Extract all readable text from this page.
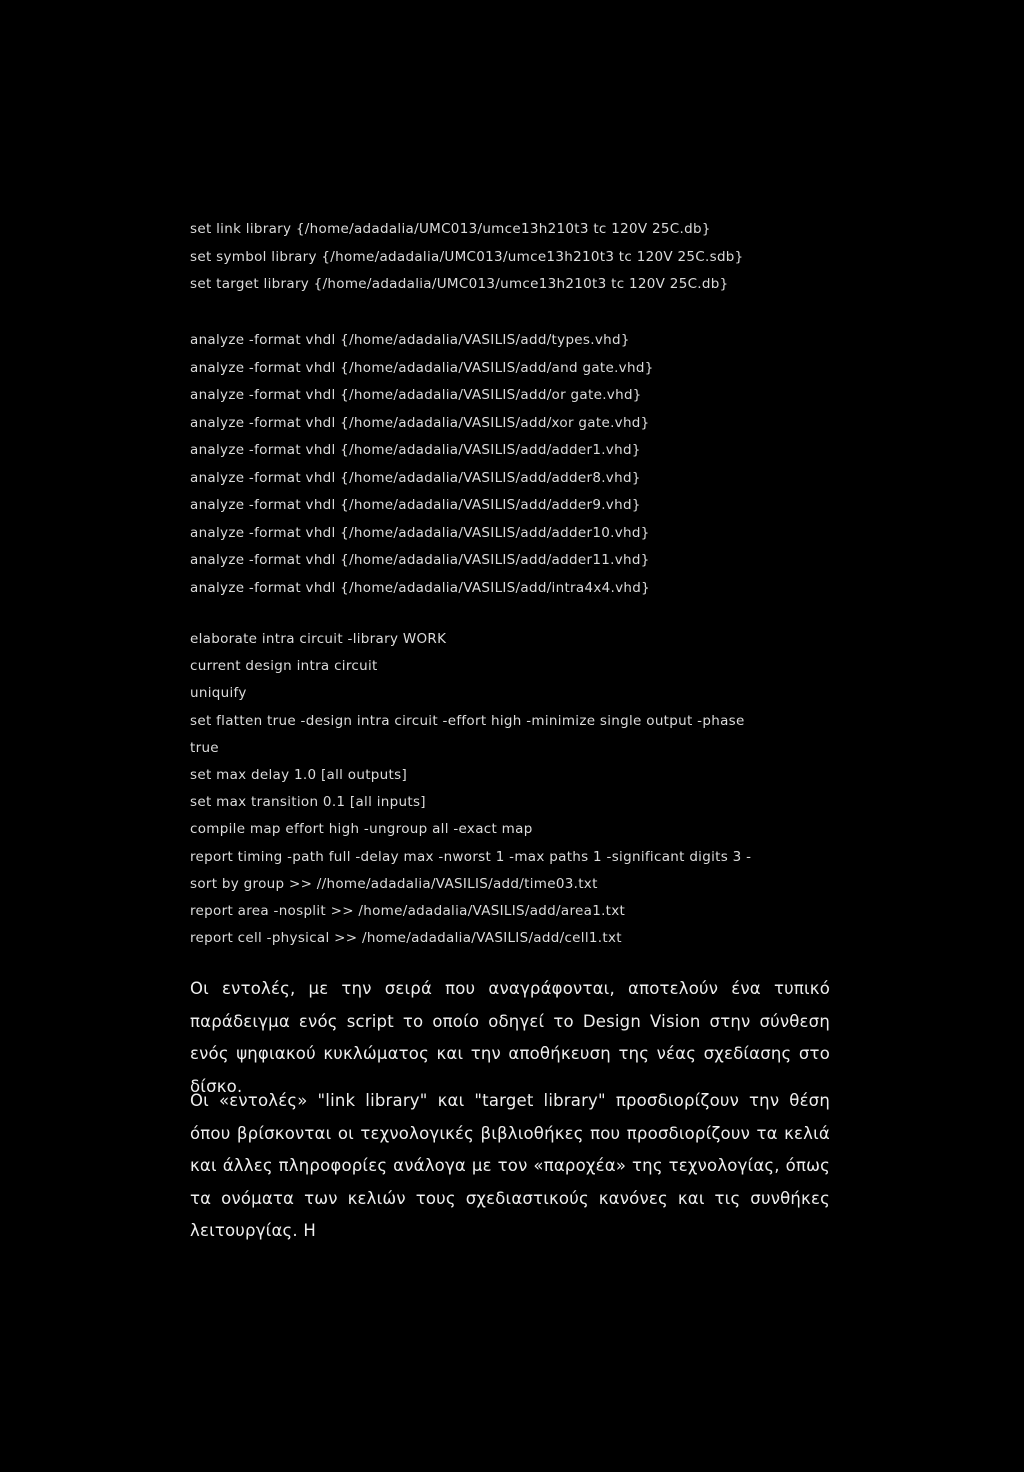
set link library {/home/adadalia/UMC013/umce13h210t3 tc 120V 25C.db}
set symbol library {/home/adadalia/UMC013/umce13h210t3 tc 120V 25C.sdb}
set target library {/home/adadalia/UMC013/umce13h210t3 tc 120V 25C.db}
analyze -format vhdl {/home/adadalia/VASILIS/add/types.vhd}
analyze -format vhdl {/home/adadalia/VASILIS/add/and gate.vhd}
analyze -format vhdl {/home/adadalia/VASILIS/add/or gate.vhd}
analyze -format vhdl {/home/adadalia/VASILIS/add/xor gate.vhd}
analyze -format vhdl {/home/adadalia/VASILIS/add/adder1.vhd}
analyze -format vhdl {/home/adadalia/VASILIS/add/adder8.vhd}
analyze -format vhdl {/home/adadalia/VASILIS/add/adder9.vhd}
analyze -format vhdl {/home/adadalia/VASILIS/add/adder10.vhd}
analyze -format vhdl {/home/adadalia/VASILIS/add/adder11.vhd}
analyze -format vhdl {/home/adadalia/VASILIS/add/intra4x4.vhd}
elaborate intra circuit -library WORK
current design intra circuit
uniquify
set flatten true -design intra circuit -effort high -minimize single output -phase
true
set max delay 1.0 [all outputs]
set max transition 0.1 [all inputs]
compile map effort high -ungroup all -exact map
report timing -path full -delay max -nworst 1 -max paths 1 -significant digits 3 -
sort by group >> //home/adadalia/VASILIS/add/time03.txt
report area -nosplit >> /home/adadalia/VASILIS/add/area1.txt
report cell -physical >> /home/adadalia/VASILIS/add/cell1.txt

Οι εντολές, με την σειρά που αναγράφονται, αποτελούν ένα τυπικό παράδειγμα ενός script το οποίο οδηγεί το Design Vision στην σύνθεση ενός ψηφιακού κυκλώματος και την αποθήκευση της νέας σχεδίασης στο δίσκο.

Οι «εντολές» "link library" και "target library" προσδιορίζουν την θέση όπου βρίσκονται οι τεχνολογικές βιβλιοθήκες που προσδιορίζουν τα κελιά και άλλες πληροφορίες ανάλογα με τον «παροχέα» της τεχνολογίας, όπως τα ονόματα των κελιών τους σχεδιαστικούς κανόνες και τις συνθήκες λειτουργίας. Η
